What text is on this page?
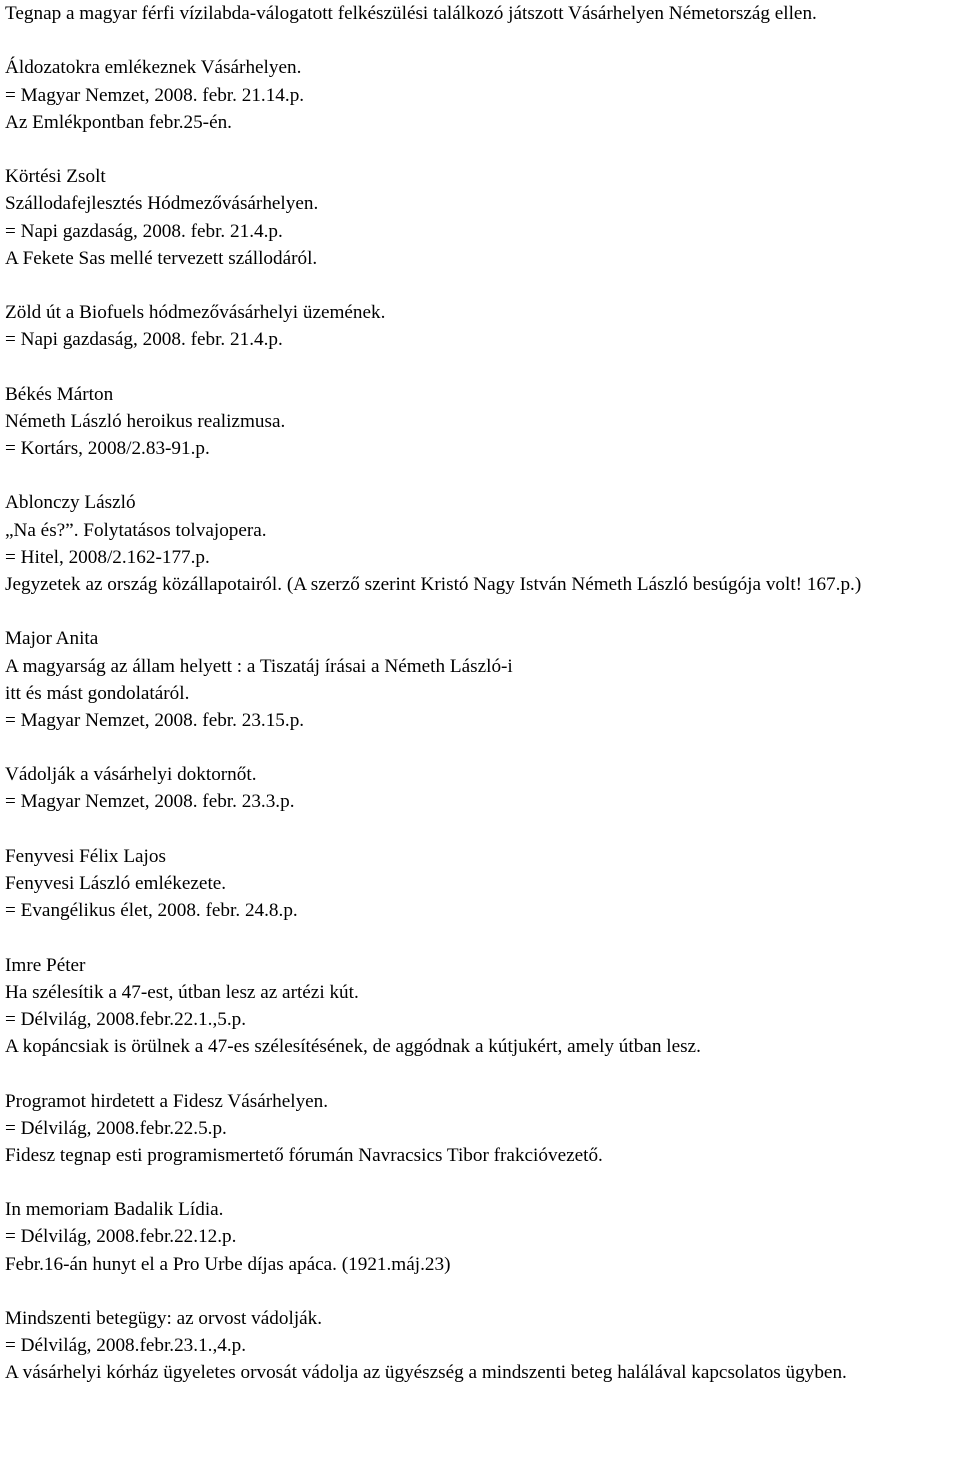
Tegnap a magyar férfi vízilabda-válogatott felkészülési találkozó játszott Vásárhelyen Németország ellen.
Áldozatokra emlékeznek Vásárhelyen.
= Magyar Nemzet, 2008. febr. 21.14.p.
Az Emlékpontban febr.25-én.
Körtési Zsolt
Szállodafejlesztés Hódmezővásárhelyen.
= Napi gazdaság, 2008. febr. 21.4.p.
A Fekete Sas mellé tervezett szállodáról.
Zöld út a Biofuels hódmezővásárhelyi üzemének.
= Napi gazdaság, 2008. febr. 21.4.p.
Békés Márton
Németh László heroikus realizmusa.
= Kortárs, 2008/2.83-91.p.
Ablonczy László
„Na és?”. Folytatásos tolvajopera.
= Hitel, 2008/2.162-177.p.
Jegyzetek az ország közállapotairól. (A szerző szerint Kristó Nagy István Németh László besúgója volt! 167.p.)
Major Anita
A magyarság az állam helyett : a Tiszatáj írásai a Németh László-i
itt és mást gondolatáról.
= Magyar Nemzet, 2008. febr. 23.15.p.
Vádolják a vásárhelyi doktornőt.
= Magyar Nemzet, 2008. febr. 23.3.p.
Fenyvesi Félix Lajos
Fenyvesi László emlékezete.
= Evangélikus élet, 2008. febr. 24.8.p.
Imre Péter
Ha szélesítik a 47-est, útban lesz az artézi kút.
= Délvilág, 2008.febr.22.1.,5.p.
A kopáncsiak is örülnek a 47-es szélesítésének, de aggódnak a kútjukért, amely útban lesz.
Programot hirdetett a Fidesz Vásárhelyen.
= Délvilág, 2008.febr.22.5.p.
Fidesz tegnap esti programismertető fórumán Navracsics Tibor frakcióvezető.
In memoriam Badalik Lídia.
= Délvilág, 2008.febr.22.12.p.
Febr.16-án hunyt el a Pro Urbe díjas apáca. (1921.máj.23)
Mindszenti betegügy: az orvost vádolják.
= Délvilág, 2008.febr.23.1.,4.p.
A vásárhelyi kórház ügyeletes orvosát vádolja az ügyészség a mindszenti beteg halálával kapcsolatos ügyben.
